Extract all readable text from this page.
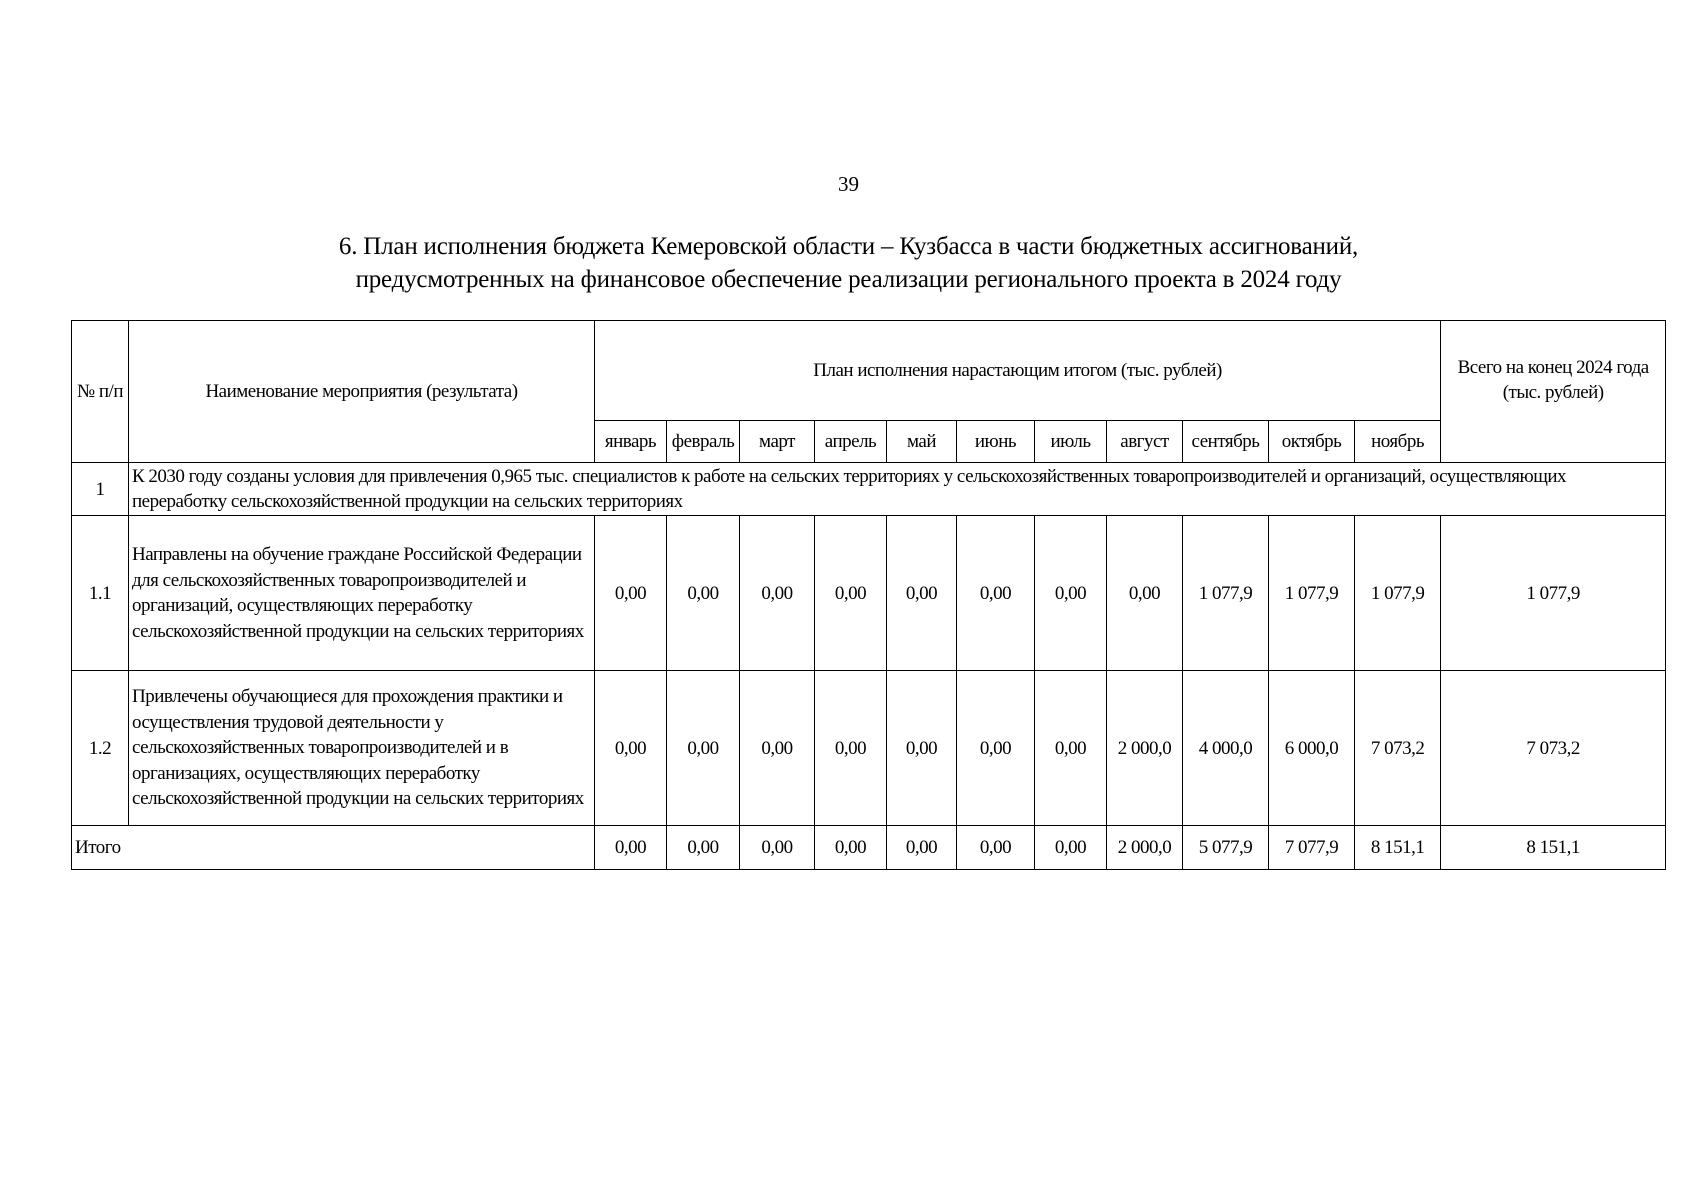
39
6. План исполнения бюджета Кемеровской области – Кузбасса в части бюджетных ассигнований,
предусмотренных на финансовое обеспечение реализации регионального проекта в 2024 году
№ п/п	Наименование мероприятия (результата)	План исполнения нарастающим итогом (тыс. рублей)											Всего на конец 2024 года (тыс. рублей)
		январь	февраль	март	апрель	май	июнь	июль	август	сентябрь	октябрь	ноябрь	
1	К 2030 году созданы условия для привлечения 0,965 тыс. специалистов к работе на сельских территориях у сельскохозяйственных товаропроизводителей и организаций, осуществляющих переработку сельскохозяйственной продукции на сельских территориях												
1.1	Направлены на обучение граждане Российской Федерации для сельскохозяйственных товаропроизводителей и организаций, осуществляющих переработку сельскохозяйственной продукции на сельских территориях	0,00	0,00	0,00	0,00	0,00	0,00	0,00	0,00	1 077,9	1 077,9	1 077,9	1 077,9
1.2	Привлечены обучающиеся для прохождения практики и осуществления трудовой деятельности у сельскохозяйственных товаропроизводителей и в организациях, осуществляющих переработку сельскохозяйственной продукции на сельских территориях	0,00	0,00	0,00	0,00	0,00	0,00	0,00	2 000,0	4 000,0	6 000,0	7 073,2	7 073,2
Итого		0,00	0,00	0,00	0,00	0,00	0,00	0,00	2 000,0	5 077,9	7 077,9	8 151,1	8 151,1
